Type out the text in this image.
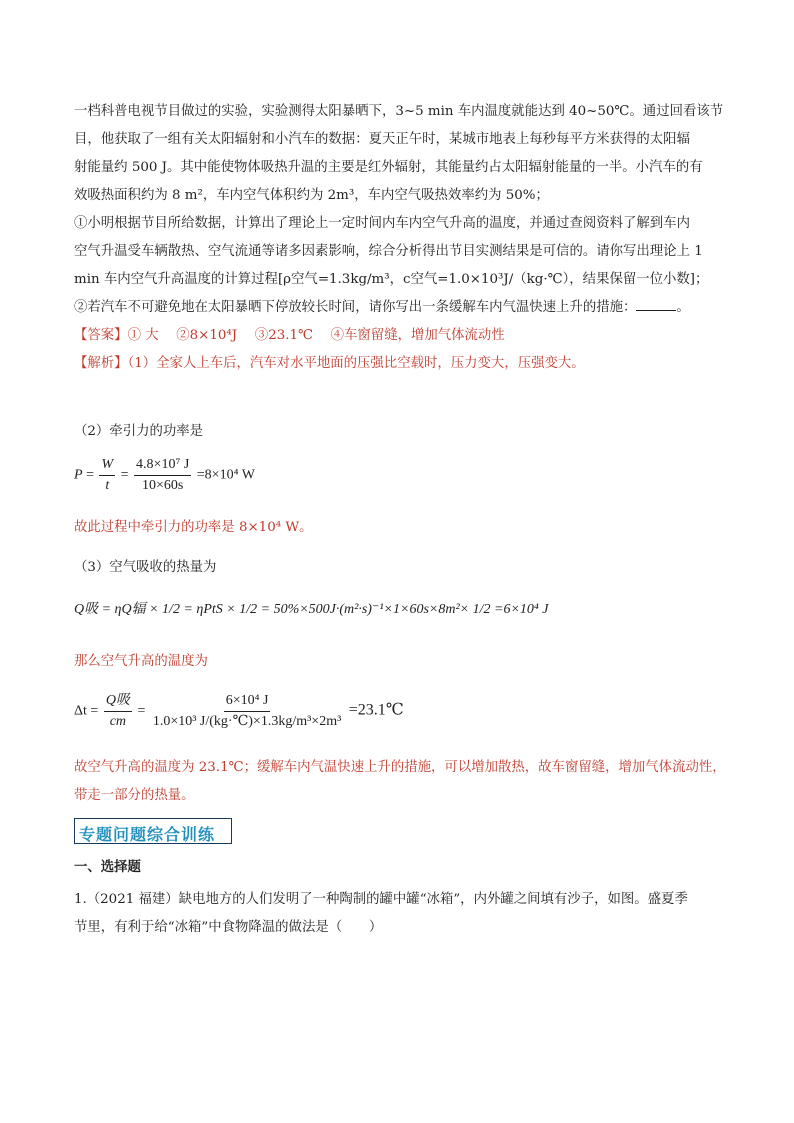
一档科普电视节目做过的实验，实验测得太阳暴晒下，3~5 min 车内温度就能达到 40~50℃。通过回看该节
目，他获取了一组有关太阳辐射和小汽车的数据：夏天正午时，某城市地表上每秒每平方米获得的太阳辐
射能量约 500 J。其中能使物体吸热升温的主要是红外辐射，其能量约占太阳辐射能量的一半。小汽车的有
效吸热面积约为 8 m²，车内空气体积约为 2m³，车内空气吸热效率约为 50%；
①小明根据节目所给数据，计算出了理论上一定时间内车内空气升高的温度，并通过查阅资料了解到车内
空气升温受车辆散热、空气流通等诸多因素影响，综合分析得出节目实测结果是可信的。请你写出理论上 1
min 车内空气升高温度的计算过程[ρ空气=1.3kg/m³，c空气=1.0×10³J/（kg·℃），结果保留一位小数]；
②若汽车不可避免地在太阳暴晒下停放较长时间，请你写出一条缓解车内气温快速上升的措施：	。
【答案】① 大　 ②8×10⁴J　 ③23.1℃　 ④车窗留缝，增加气体流动性
【解析】（1）全家人上车后，汽车对水平地面的压强比空载时，压力变大，压强变大。
（2）牵引力的功率是
$P = \frac{W}{t} = \frac{\text{4.8×10⁷ J}}{10\times 60s} =8\times 10^4$ W
故此过程中牵引力的功率是 8×10⁴ W。
（3）空气吸收的热量为
Q吸 = ηQ辐 × 1/2 = ηPtS × 1/2 = 50%×500J·(m²·s)⁻¹×1×60s×8m²× 1/2 =6×10⁴ J
那么空气升高的温度为
$\Delta t = \frac{\text{Q吸}}{cm} = \frac{\text{6×10⁴ J}}{\text{1.0×10³ J/(kg·℃)×1.3kg/m³×2m³}}$ =23.1℃
故空气升高的温度为 23.1℃；缓解车内气温快速上升的措施，可以增加散热，故车窗留缝，增加气体流动性，
带走一部分的热量。
专题问题综合训练
一、选择题
1.（2021 福建）缺电地方的人们发明了一种陶制的罐中罐“冰箱”，内外罐之间填有沙子，如图。盛夏季
节里，有利于给“冰箱”中食物降温的做法是（　　）
